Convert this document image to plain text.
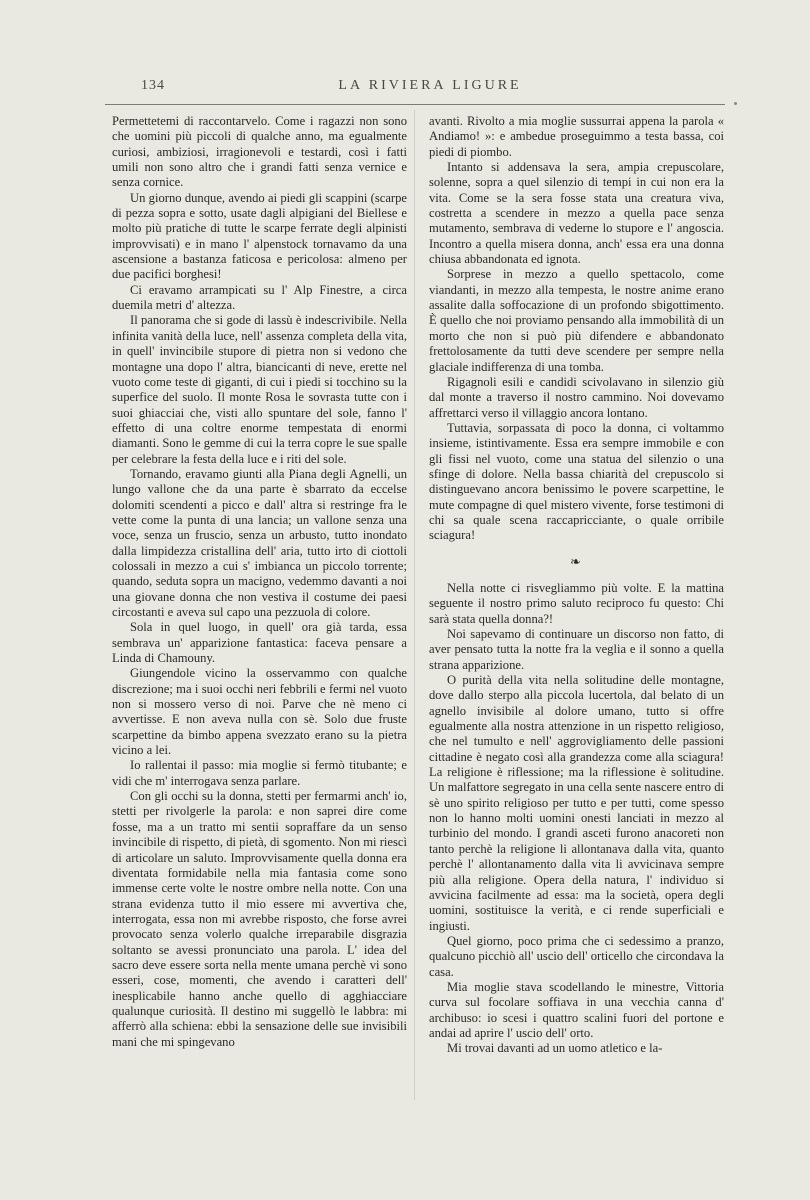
134	LA RIVIERA LIGURE

Permettetemi di raccontarvelo. Come i ragazzi non sono che uomini più piccoli di qualche anno, ma egualmente curiosi, ambiziosi, irragionevoli e testardi, così i fatti umili non sono altro che i grandi fatti senza vernice e senza cornice.

Un giorno dunque, avendo ai piedi gli scappini (scarpe di pezza sopra e sotto, usate dagli alpigiani del Biellese e molto più pratiche di tutte le scarpe ferrate degli alpinisti improvvisati) e in mano l' alpenstock tornavamo da una ascensione a bastanza faticosa e pericolosa: almeno per due pacifici borghesi!

Ci eravamo arrampicati su l' Alp Finestre, a circa duemila metri d' altezza.

Il panorama che si gode di lassù è indescrivibile. Nella infinita vanità della luce, nell' assenza completa della vita, in quell' invincibile stupore di pietra non si vedono che montagne una dopo l' altra, biancicanti di neve, erette nel vuoto come teste di giganti, di cui i piedi si tocchino su la superfice del suolo. Il monte Rosa le sovrasta tutte con i suoi ghiacciai che, visti allo spuntare del sole, fanno l' effetto di una coltre enorme tempestata di enormi diamanti. Sono le gemme di cui la terra copre le sue spalle per celebrare la festa della luce e i riti del sole.

Tornando, eravamo giunti alla Piana degli Agnelli, un lungo vallone che da una parte è sbarrato da eccelse dolomiti scendenti a picco e dall' altra si restringe fra le vette come la punta di una lancia; un vallone senza una voce, senza un fruscio, senza un arbusto, tutto inondato dalla limpidezza cristallina dell' aria, tutto irto di ciottoli colossali in mezzo a cui s' imbianca un piccolo torrente; quando, seduta sopra un macigno, vedemmo davanti a noi una giovane donna che non vestiva il costume dei paesi circostanti e aveva sul capo una pezzuola di colore.

Sola in quel luogo, in quell' ora già tarda, essa sembrava un' apparizione fantastica: faceva pensare a Linda di Chamouny.

Giungendole vicino la osservammo con qualche discrezione; ma i suoi occhi neri febbrili e fermi nel vuoto non si mossero verso di noi. Parve che nè meno ci avvertisse. E non aveva nulla con sè. Solo due fruste scarpettine da bimbo appena svezzato erano su la pietra vicino a lei.

Io rallentai il passo: mia moglie si fermò titubante; e vidi che m' interrogava senza parlare.

Con gli occhi su la donna, stetti per fermarmi anch' io, stetti per rivolgerle la parola: e non saprei dire come fosse, ma a un tratto mi sentii sopraffare da un senso invincibile di rispetto, di pietà, di sgomento. Non mi riescì di articolare un saluto. Improvvisamente quella donna era diventata formidabile nella mia fantasia come sono immense certe volte le nostre ombre nella notte. Con una strana evidenza tutto il mio essere mi avvertiva che, interrogata, essa non mi avrebbe risposto, che forse avrei provocato senza volerlo qualche irreparabile disgrazia soltanto se avessi pronunciato una parola. L' idea del sacro deve essere sorta nella mente umana perchè vi sono esseri, cose, momenti, che avendo i caratteri dell' inesplicabile hanno anche quello di agghiacciare qualunque curiosità. Il destino mi suggellò le labbra: mi afferrò alla schiena: ebbi la sensazione delle sue invisibili mani che mi spingevano

avanti. Rivolto a mia moglie sussurrai appena la parola « Andiamo! »: e ambedue proseguimmo a testa bassa, coi piedi di piombo.

Intanto si addensava la sera, ampia crepuscolare, solenne, sopra a quel silenzio di tempi in cui non era la vita. Come se la sera fosse stata una creatura viva, costretta a scendere in mezzo a quella pace senza mutamento, sembrava di vederne lo stupore e l' angoscia. Incontro a quella misera donna, anch' essa era una donna chiusa abbandonata ed ignota.

Sorprese in mezzo a quello spettacolo, come viandanti, in mezzo alla tempesta, le nostre anime erano assalite dalla soffocazione di un profondo sbigottimento. È quello che noi proviamo pensando alla immobilità di un morto che non si può più difendere e abbandonato frettolosamente da tutti deve scendere per sempre nella glaciale indifferenza di una tomba.

Rigagnoli esili e candidi scivolavano in silenzio giù dal monte a traverso il nostro cammino. Noi dovevamo affrettarci verso il villaggio ancora lontano.

Tuttavia, sorpassata di poco la donna, ci voltammo insieme, istintivamente. Essa era sempre immobile e con gli fissi nel vuoto, come una statua del silenzio o una sfinge di dolore. Nella bassa chiarità del crepuscolo si distinguevano ancora benissimo le povere scarpettine, le mute compagne di quel mistero vivente, forse testimoni di chi sa quale scena raccapricciante, o quale orribile sciagura!

❧

Nella notte ci risvegliammo più volte. E la mattina seguente il nostro primo saluto reciproco fu questo: Chi sarà stata quella donna?!

Noi sapevamo di continuare un discorso non fatto, di aver pensato tutta la notte fra la veglia e il sonno a quella strana apparizione.

O purità della vita nella solitudine delle montagne, dove dallo sterpo alla piccola lucertola, dal belato di un agnello invisibile al dolore umano, tutto si offre egualmente alla nostra attenzione in un rispetto religioso, che nel tumulto e nell' aggrovigliamento delle passioni cittadine è negato così alla grandezza come alla sciagura! La religione è riflessione; ma la riflessione è solitudine. Un malfattore segregato in una cella sente nascere entro di sè uno spirito religioso per tutto e per tutti, come spesso non lo hanno molti uomini onesti lanciati in mezzo al turbinio del mondo. I grandi asceti furono anacoreti non tanto perchè la religione li allontanava dalla vita, quanto perchè l' allontanamento dalla vita li avvicinava sempre più alla religione. Opera della natura, l' individuo si avvicina facilmente ad essa: ma la società, opera degli uomini, sostituisce la verità, e ci rende superficiali e ingiusti.

Quel giorno, poco prima che ci sedessimo a pranzo, qualcuno picchiò all' uscio dell' orticello che circondava la casa.

Mia moglie stava scodellando le minestre, Vittoria curva sul focolare soffiava in una vecchia canna d' archibuso: io scesi i quattro scalini fuori del portone e andai ad aprire l' uscio dell' orto.

Mi trovai davanti ad un uomo atletico e la-
